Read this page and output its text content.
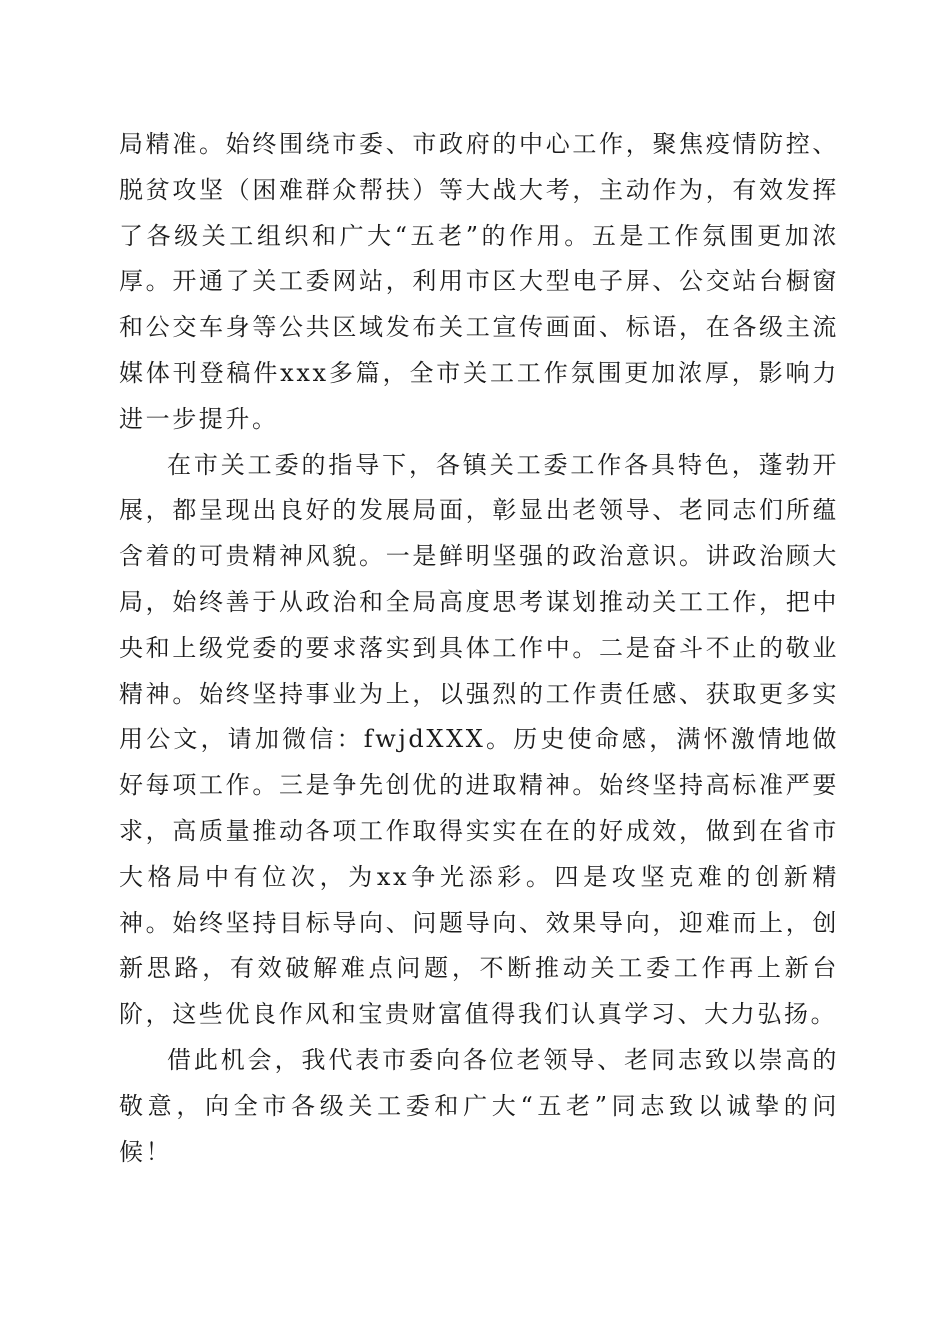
局精准。始终围绕市委、市政府的中心工作，聚焦疫情防控、脱贫攻坚（困难群众帮扶）等大战大考，主动作为，有效发挥了各级关工组织和广大“五老”的作用。五是工作氛围更加浓厚。开通了关工委网站，利用市区大型电子屏、公交站台橱窗和公交车身等公共区域发布关工宣传画面、标语，在各级主流媒体刊登稿件xxx多篇，全市关工工作氛围更加浓厚，影响力进一步提升。

在市关工委的指导下，各镇关工委工作各具特色，蓬勃开展，都呈现出良好的发展局面，彰显出老领导、老同志们所蕴含着的可贵精神风貌。一是鲜明坚强的政治意识。讲政治顾大局，始终善于从政治和全局高度思考谋划推动关工工作，把中央和上级党委的要求落实到具体工作中。二是奋斗不止的敬业精神。始终坚持事业为上，以强烈的工作责任感、获取更多实用公文，请加微信：fwjdXXX。历史使命感，满怀激情地做好每项工作。三是争先创优的进取精神。始终坚持高标准严要求，高质量推动各项工作取得实实在在的好成效，做到在省市大格局中有位次，为xx争光添彩。四是攻坚克难的创新精神。始终坚持目标导向、问题导向、效果导向，迎难而上，创新思路，有效破解难点问题，不断推动关工委工作再上新台阶，这些优良作风和宝贵财富值得我们认真学习、大力弘扬。

借此机会，我代表市委向各位老领导、老同志致以崇高的敬意，向全市各级关工委和广大“五老”同志致以诚挚的问候！
